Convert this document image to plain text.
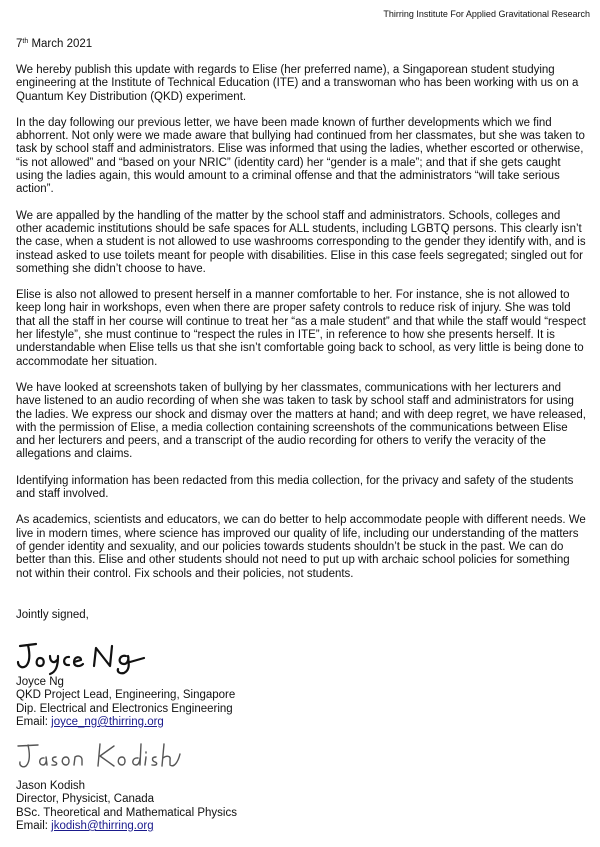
Thirring Institute For Applied Gravitational Research
7th March 2021

We hereby publish this update with regards to Elise (her preferred name), a Singaporean student studying engineering at the Institute of Technical Education (ITE) and a transwoman who has been working with us on a Quantum Key Distribution (QKD) experiment.

In the day following our previous letter, we have been made known of further developments which we find abhorrent. Not only were we made aware that bullying had continued from her classmates, but she was taken to task by school staff and administrators. Elise was informed that using the ladies, whether escorted or otherwise, “is not allowed” and “based on your NRIC” (identity card) her “gender is a male”; and that if she gets caught using the ladies again, this would amount to a criminal offense and that the administrators “will take serious action”.

We are appalled by the handling of the matter by the school staff and administrators. Schools, colleges and other academic institutions should be safe spaces for ALL students, including LGBTQ persons. This clearly isn’t the case, when a student is not allowed to use washrooms corresponding to the gender they identify with, and is instead asked to use toilets meant for people with disabilities. Elise in this case feels segregated; singled out for something she didn’t choose to have.

Elise is also not allowed to present herself in a manner comfortable to her. For instance, she is not allowed to keep long hair in workshops, even when there are proper safety controls to reduce risk of injury. She was told that all the staff in her course will continue to treat her “as a male student” and that while the staff would “respect her lifestyle”, she must continue to “respect the rules in ITE”, in reference to how she presents herself. It is understandable when Elise tells us that she isn’t comfortable going back to school, as very little is being done to accommodate her situation.

We have looked at screenshots taken of bullying by her classmates, communications with her lecturers and have listened to an audio recording of when she was taken to task by school staff and administrators for using the ladies. We express our shock and dismay over the matters at hand; and with deep regret, we have released, with the permission of Elise, a media collection containing screenshots of the communications between Elise and her lecturers and peers, and a transcript of the audio recording for others to verify the veracity of the allegations and claims.

Identifying information has been redacted from this media collection, for the privacy and safety of the students and staff involved.

As academics, scientists and educators, we can do better to help accommodate people with different needs. We live in modern times, where science has improved our quality of life, including our understanding of the matters of gender identity and sexuality, and our policies towards students shouldn’t be stuck in the past. We can do better than this. Elise and other students should not need to put up with archaic school policies for something not within their control. Fix schools and their policies, not students.

Jointly signed,
Joyce Ng
QKD Project Lead, Engineering, Singapore
Dip. Electrical and Electronics Engineering
Email: joyce_ng@thirring.org
Jason Kodish
Director, Physicist, Canada
BSc. Theoretical and Mathematical Physics
Email: jkodish@thirring.org
